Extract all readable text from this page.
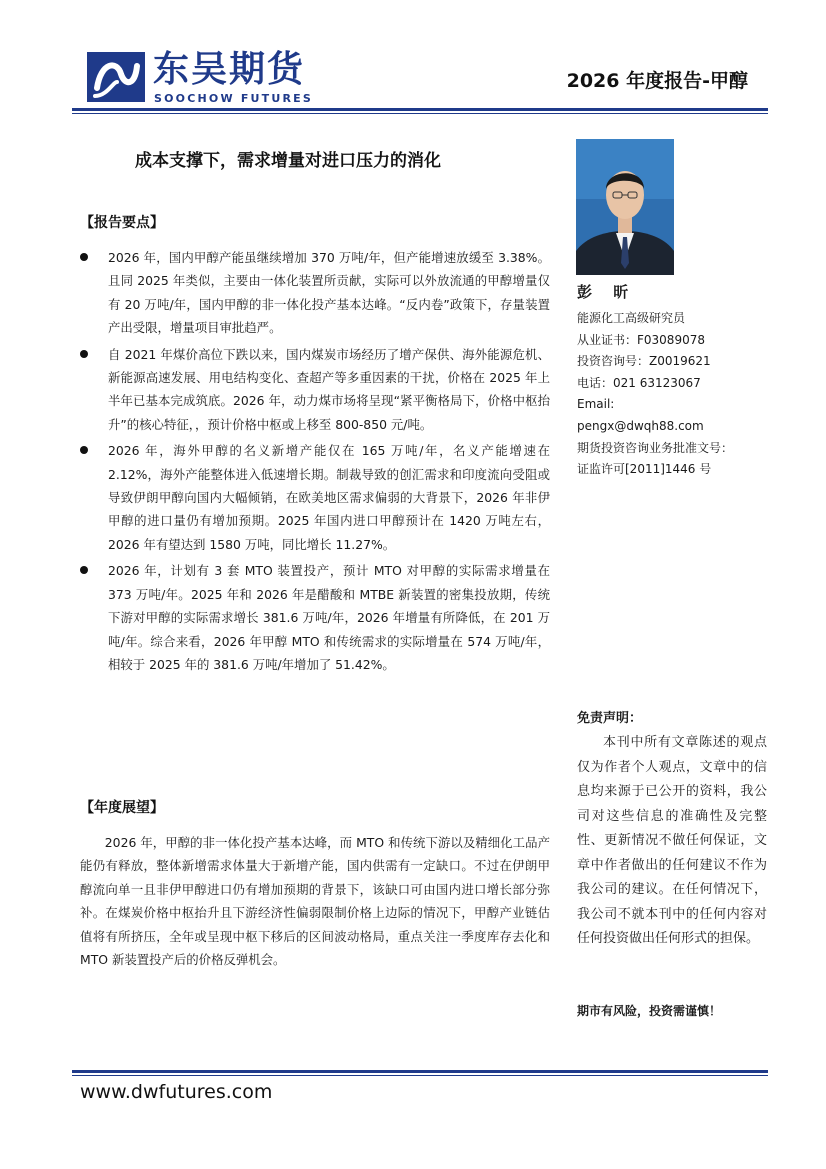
东吴期货
SOOCHOW FUTURES
2026 年度报告-甲醇
成本支撑下，需求增量对进口压力的消化
【报告要点】
2026 年，国内甲醇产能虽继续增加 370 万吨/年，但产能增速放缓至 3.38%。且同 2025 年类似，主要由一体化装置所贡献，实际可以外放流通的甲醇增量仅有 20 万吨/年，国内甲醇的非一体化投产基本达峰。“反内卷”政策下，存量装置产出受限，增量项目审批趋严。
自 2021 年煤价高位下跌以来，国内煤炭市场经历了增产保供、海外能源危机、新能源高速发展、用电结构变化、查超产等多重因素的干扰，价格在 2025 年上半年已基本完成筑底。2026 年，动力煤市场将呈现“紧平衡格局下，价格中枢抬升”的核心特征，，预计价格中枢或上移至 800-850 元/吨。
2026 年，海外甲醇的名义新增产能仅在 165 万吨/年，名义产能增速在 2.12%，海外产能整体进入低速增长期。制裁导致的创汇需求和印度流向受阻或导致伊朗甲醇向国内大幅倾销，在欧美地区需求偏弱的大背景下，2026 年非伊甲醇的进口量仍有增加预期。2025 年国内进口甲醇预计在 1420 万吨左右，2026 年有望达到 1580 万吨，同比增长 11.27%。
2026 年，计划有 3 套 MTO 装置投产，预计 MTO 对甲醇的实际需求增量在 373 万吨/年。2025 年和 2026 年是醋酸和 MTBE 新装置的密集投放期，传统下游对甲醇的实际需求增长 381.6 万吨/年，2026 年增量有所降低，在 201 万吨/年。综合来看，2026 年甲醇 MTO 和传统需求的实际增量在 574 万吨/年，相较于 2025 年的 381.6 万吨/年增加了 51.42%。
【年度展望】

2026 年，甲醇的非一体化投产基本达峰，而 MTO 和传统下游以及精细化工品产能仍有释放，整体新增需求体量大于新增产能，国内供需有一定缺口。不过在伊朗甲醇流向单一且非伊甲醇进口仍有增加预期的背景下，该缺口可由国内进口增长部分弥补。在煤炭价格中枢抬升且下游经济性偏弱限制价格上边际的情况下，甲醇产业链估值将有所挤压，全年或呈现中枢下移后的区间波动格局，重点关注一季度库存去化和 MTO 新装置投产后的价格反弹机会。

彭 昕
能源化工高级研究员
从业证书：F03089078
投资咨询号：Z0019621
电话：021 63123067
Email:
pengx@dwqh88.com
期货投资咨询业务批准文号：
证监许可[2011]1446 号
免责声明：

本刊中所有文章陈述的观点仅为作者个人观点，文章中的信息均来源于已公开的资料，我公司对这些信息的准确性及完整性、更新情况不做任何保证，文章中作者做出的任何建议不作为我公司的建议。在任何情况下，我公司不就本刊中的任何内容对任何投资做出任何形式的担保。

期市有风险，投资需谨慎！
www.dwfutures.com
